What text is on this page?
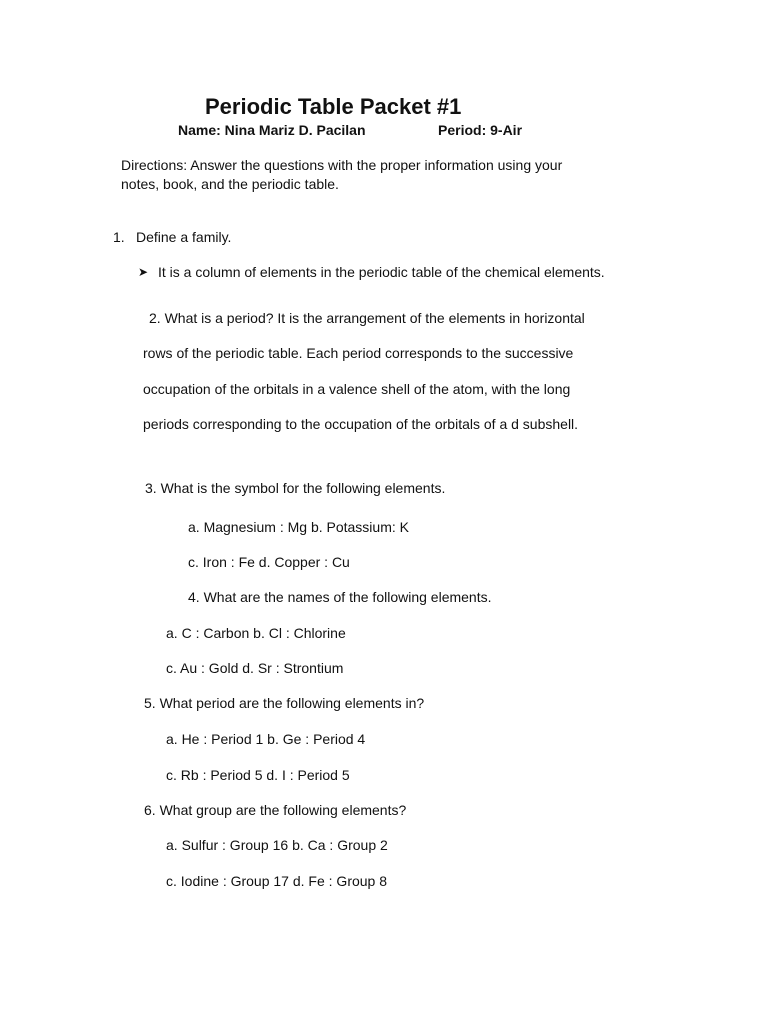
Periodic Table Packet #1
Name: Nina Mariz D. Pacilan	Period: 9-Air
Directions: Answer the questions with the proper information using your
notes, book, and the periodic table.
1. Define a family.
➤ It is a column of elements in the periodic table of the chemical elements.
2. What is a period? It is the arrangement of the elements in horizontal
rows of the periodic table. Each period corresponds to the successive
occupation of the orbitals in a valence shell of the atom, with the long
periods corresponding to the occupation of the orbitals of a d subshell.
3. What is the symbol for the following elements.
a. Magnesium : Mg b. Potassium: K
c. Iron : Fe d. Copper : Cu
4. What are the names of the following elements.
a. C : Carbon b. Cl : Chlorine
c. Au : Gold d. Sr : Strontium
5. What period are the following elements in?
a. He : Period 1 b. Ge : Period 4
c. Rb : Period 5 d. I : Period 5
6. What group are the following elements?
a. Sulfur : Group 16 b. Ca : Group 2
c. Iodine : Group 17 d. Fe : Group 8
